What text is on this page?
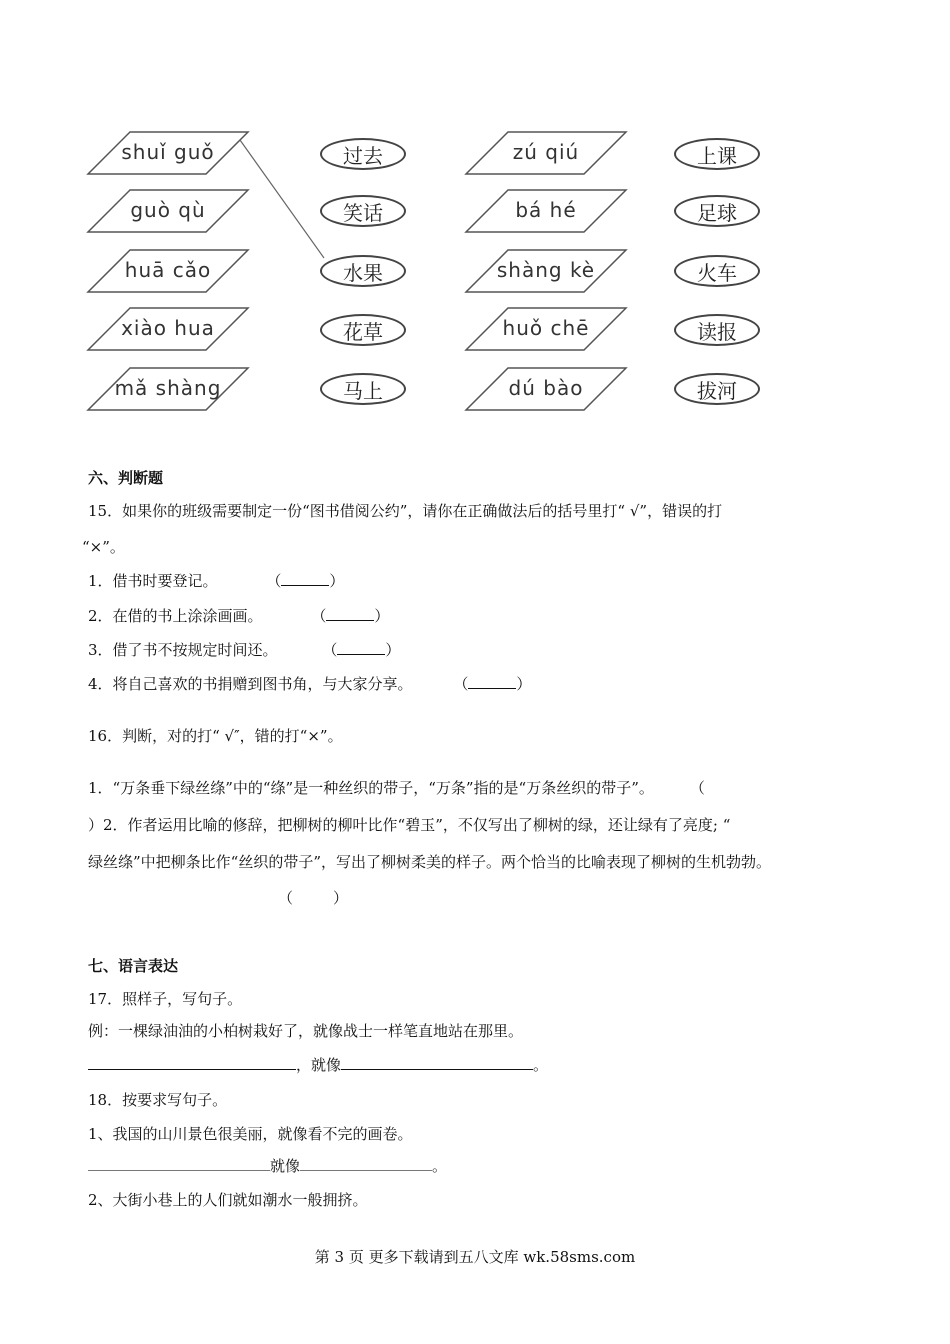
shuǐ guǒ
guò qù
huā cǎo
xiào hua
mǎ shàng
过去
笑话
水果
花草
马上
zú qiú
bá hé
shàng kè
huǒ chē
dú bào
上课
足球
火车
读报
拔河
六、判断题
15．如果你的班级需要制定一份“图书借阅公约”，请你在正确做法后的括号里打“ √”，错误的打
“×”。
1．借书时要登记。	（	）
2．在借的书上涂涂画画。	（	）
3．借了书不按规定时间还。	（	）
4．将自己喜欢的书捐赠到图书角，与大家分享。	（	）
16．判断，对的打“ √″，错的打“×”。
1．“万条垂下绿丝绦”中的“绦”是一种丝织的带子，“万条”指的是“万条丝织的带子”。 （
）2．作者运用比喻的修辞，把柳树的柳叶比作“碧玉”，不仅写出了柳树的绿，还让绿有了亮度; “
绿丝绦”中把柳条比作“丝织的带子”，写出了柳树柔美的样子。两个恰当的比喻表现了柳树的生机勃勃。
（	）
七、语言表达
17．照样子，写句子。
例：一棵绿油油的小柏树栽好了，就像战士一样笔直地站在那里。
，就像	。
18．按要求写句子。
1、我国的山川景色很美丽，就像看不完的画卷。
就像	。
2、大街小巷上的人们就如潮水一般拥挤。
第 3 页 更多下载请到五八文库 wk.58sms.com
